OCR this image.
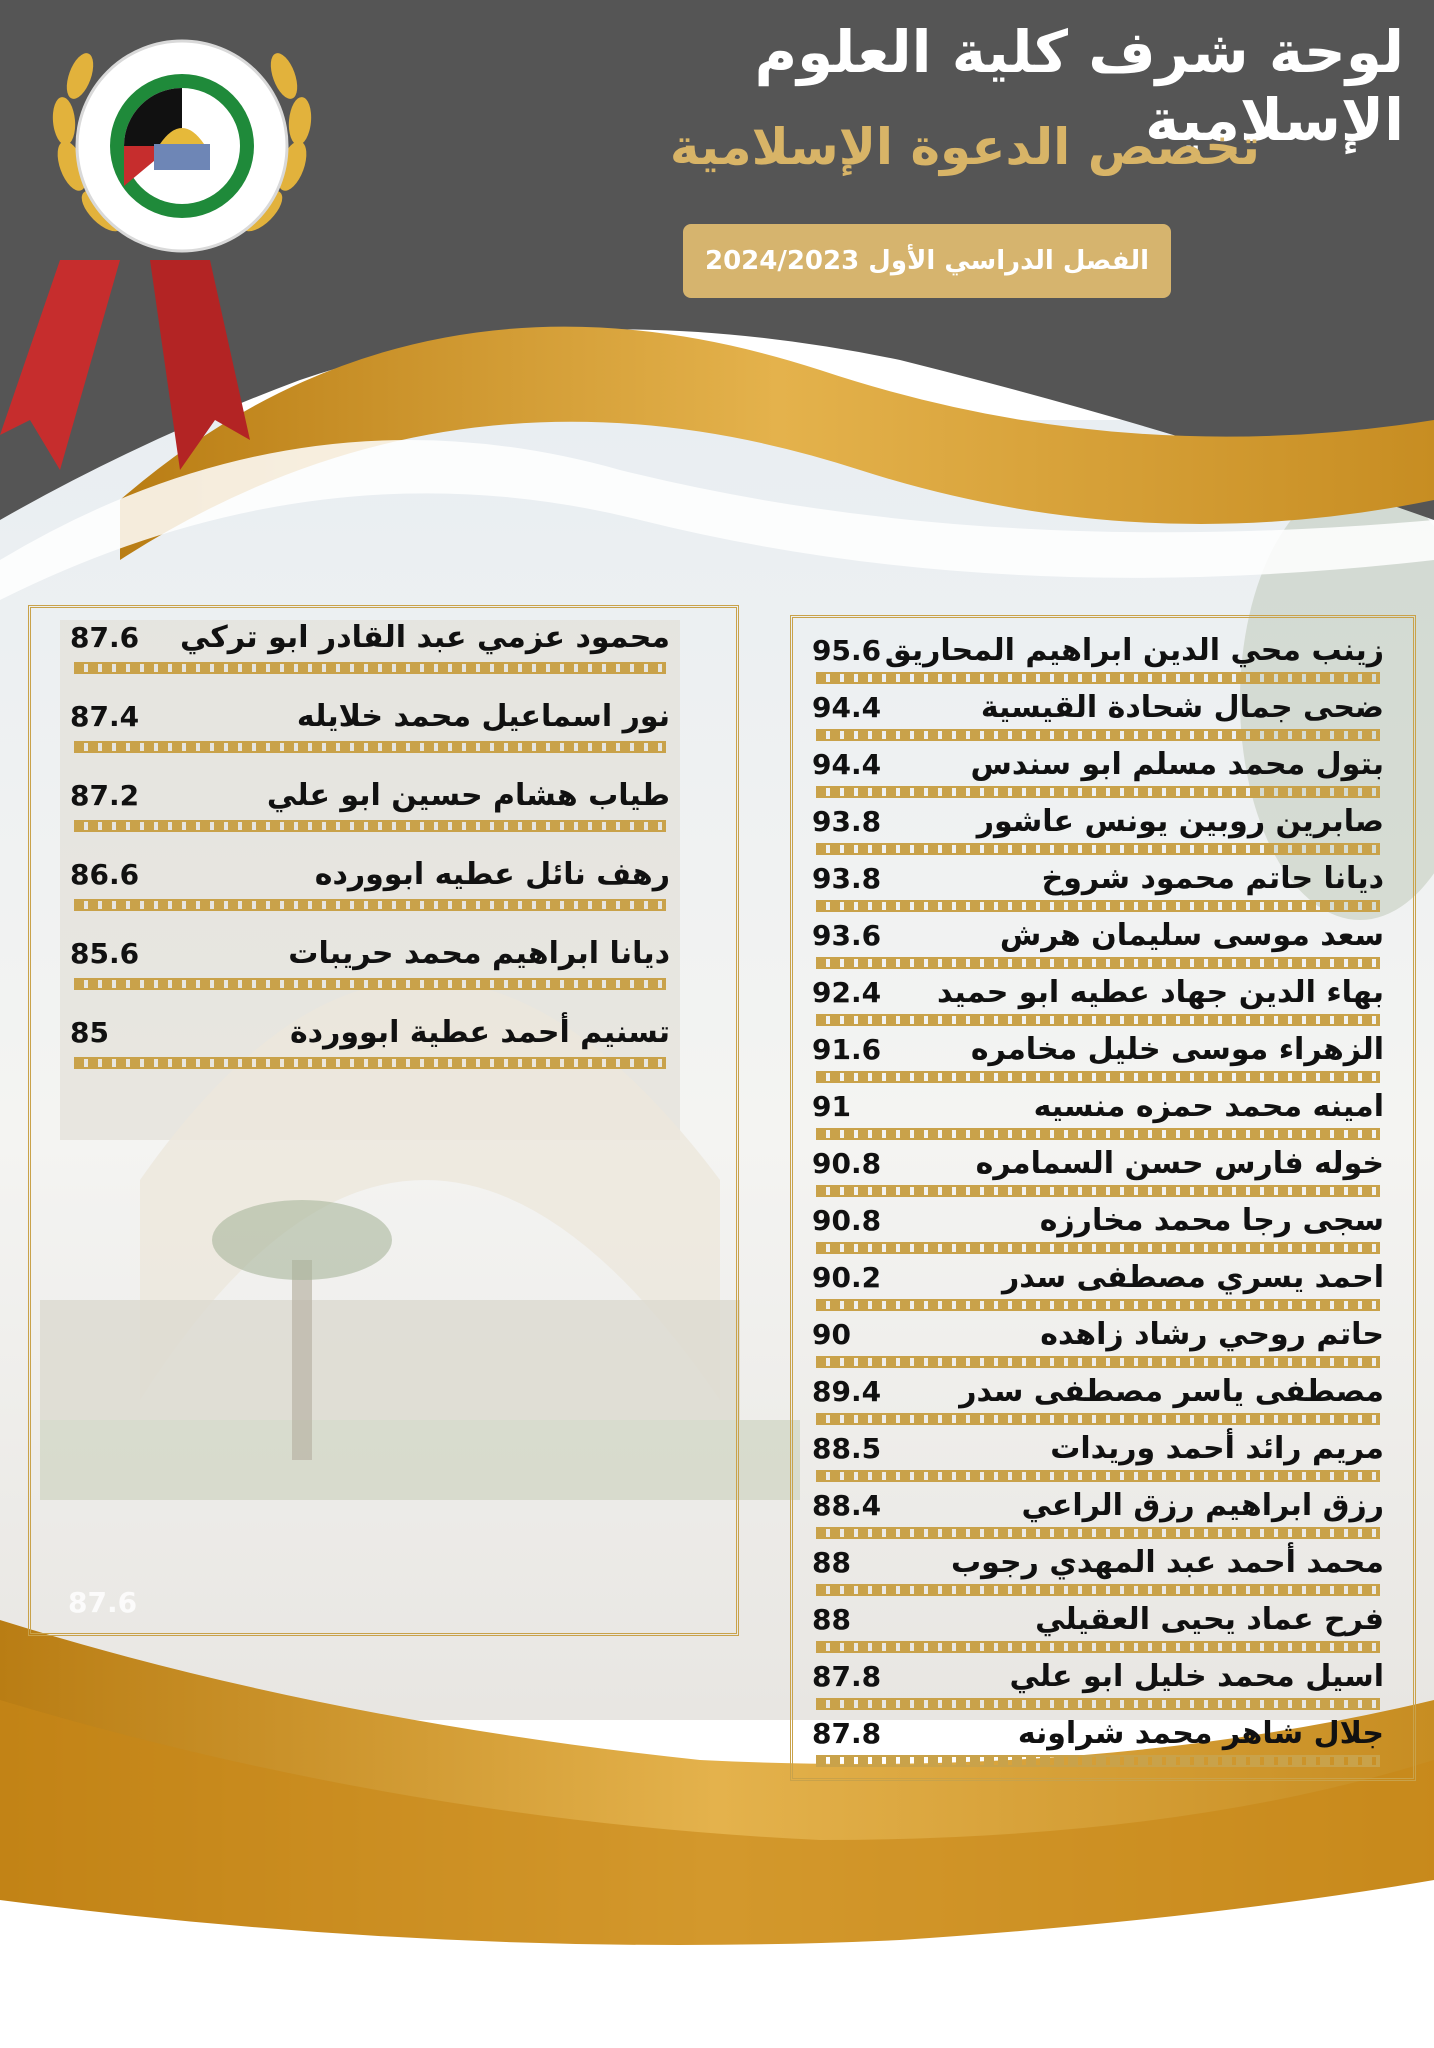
لوحة شرف كلية العلوم الإسلامية
تخصص الدعوة الإسلامية
الفصل الدراسي الأول 2024/2023
95.6 زينب محي الدين ابراهيم المحاريق
94.4	ضحى جمال شحادة القيسية
94.4	بتول محمد مسلم ابو سندس
93.8	صابرين روبين يونس عاشور
93.8	ديانا حاتم محمود شروخ
93.6	سعد موسى سليمان هرش
92.4 بهاء الدين جهاد عطيه ابو حميد
91.6	الزهراء موسى خليل مخامره
91	امينه محمد حمزه منسيه
90.8	خوله فارس حسن السمامره
90.8	سجى رجا محمد مخارزه
90.2	احمد يسري مصطفى سدر
90	حاتم روحي رشاد زاهده
89.4	مصطفى ياسر مصطفى سدر
88.5	مريم رائد أحمد وريدات
88.4	رزق ابراهيم رزق الراعي
88	محمد أحمد عبد المهدي رجوب
88	فرح عماد يحيى العقيلي
87.8	اسيل محمد خليل ابو علي
87.8	جلال شاهر محمد شراونه
87.6 محمود عزمي عبد القادر ابو تركي
87.4	نور اسماعيل محمد خلايله
87.2	طياب هشام حسين ابو علي
86.6	رهف نائل عطيه ابوورده
85.6	ديانا ابراهيم محمد حريبات
85	تسنيم أحمد عطية ابووردة
87.6
